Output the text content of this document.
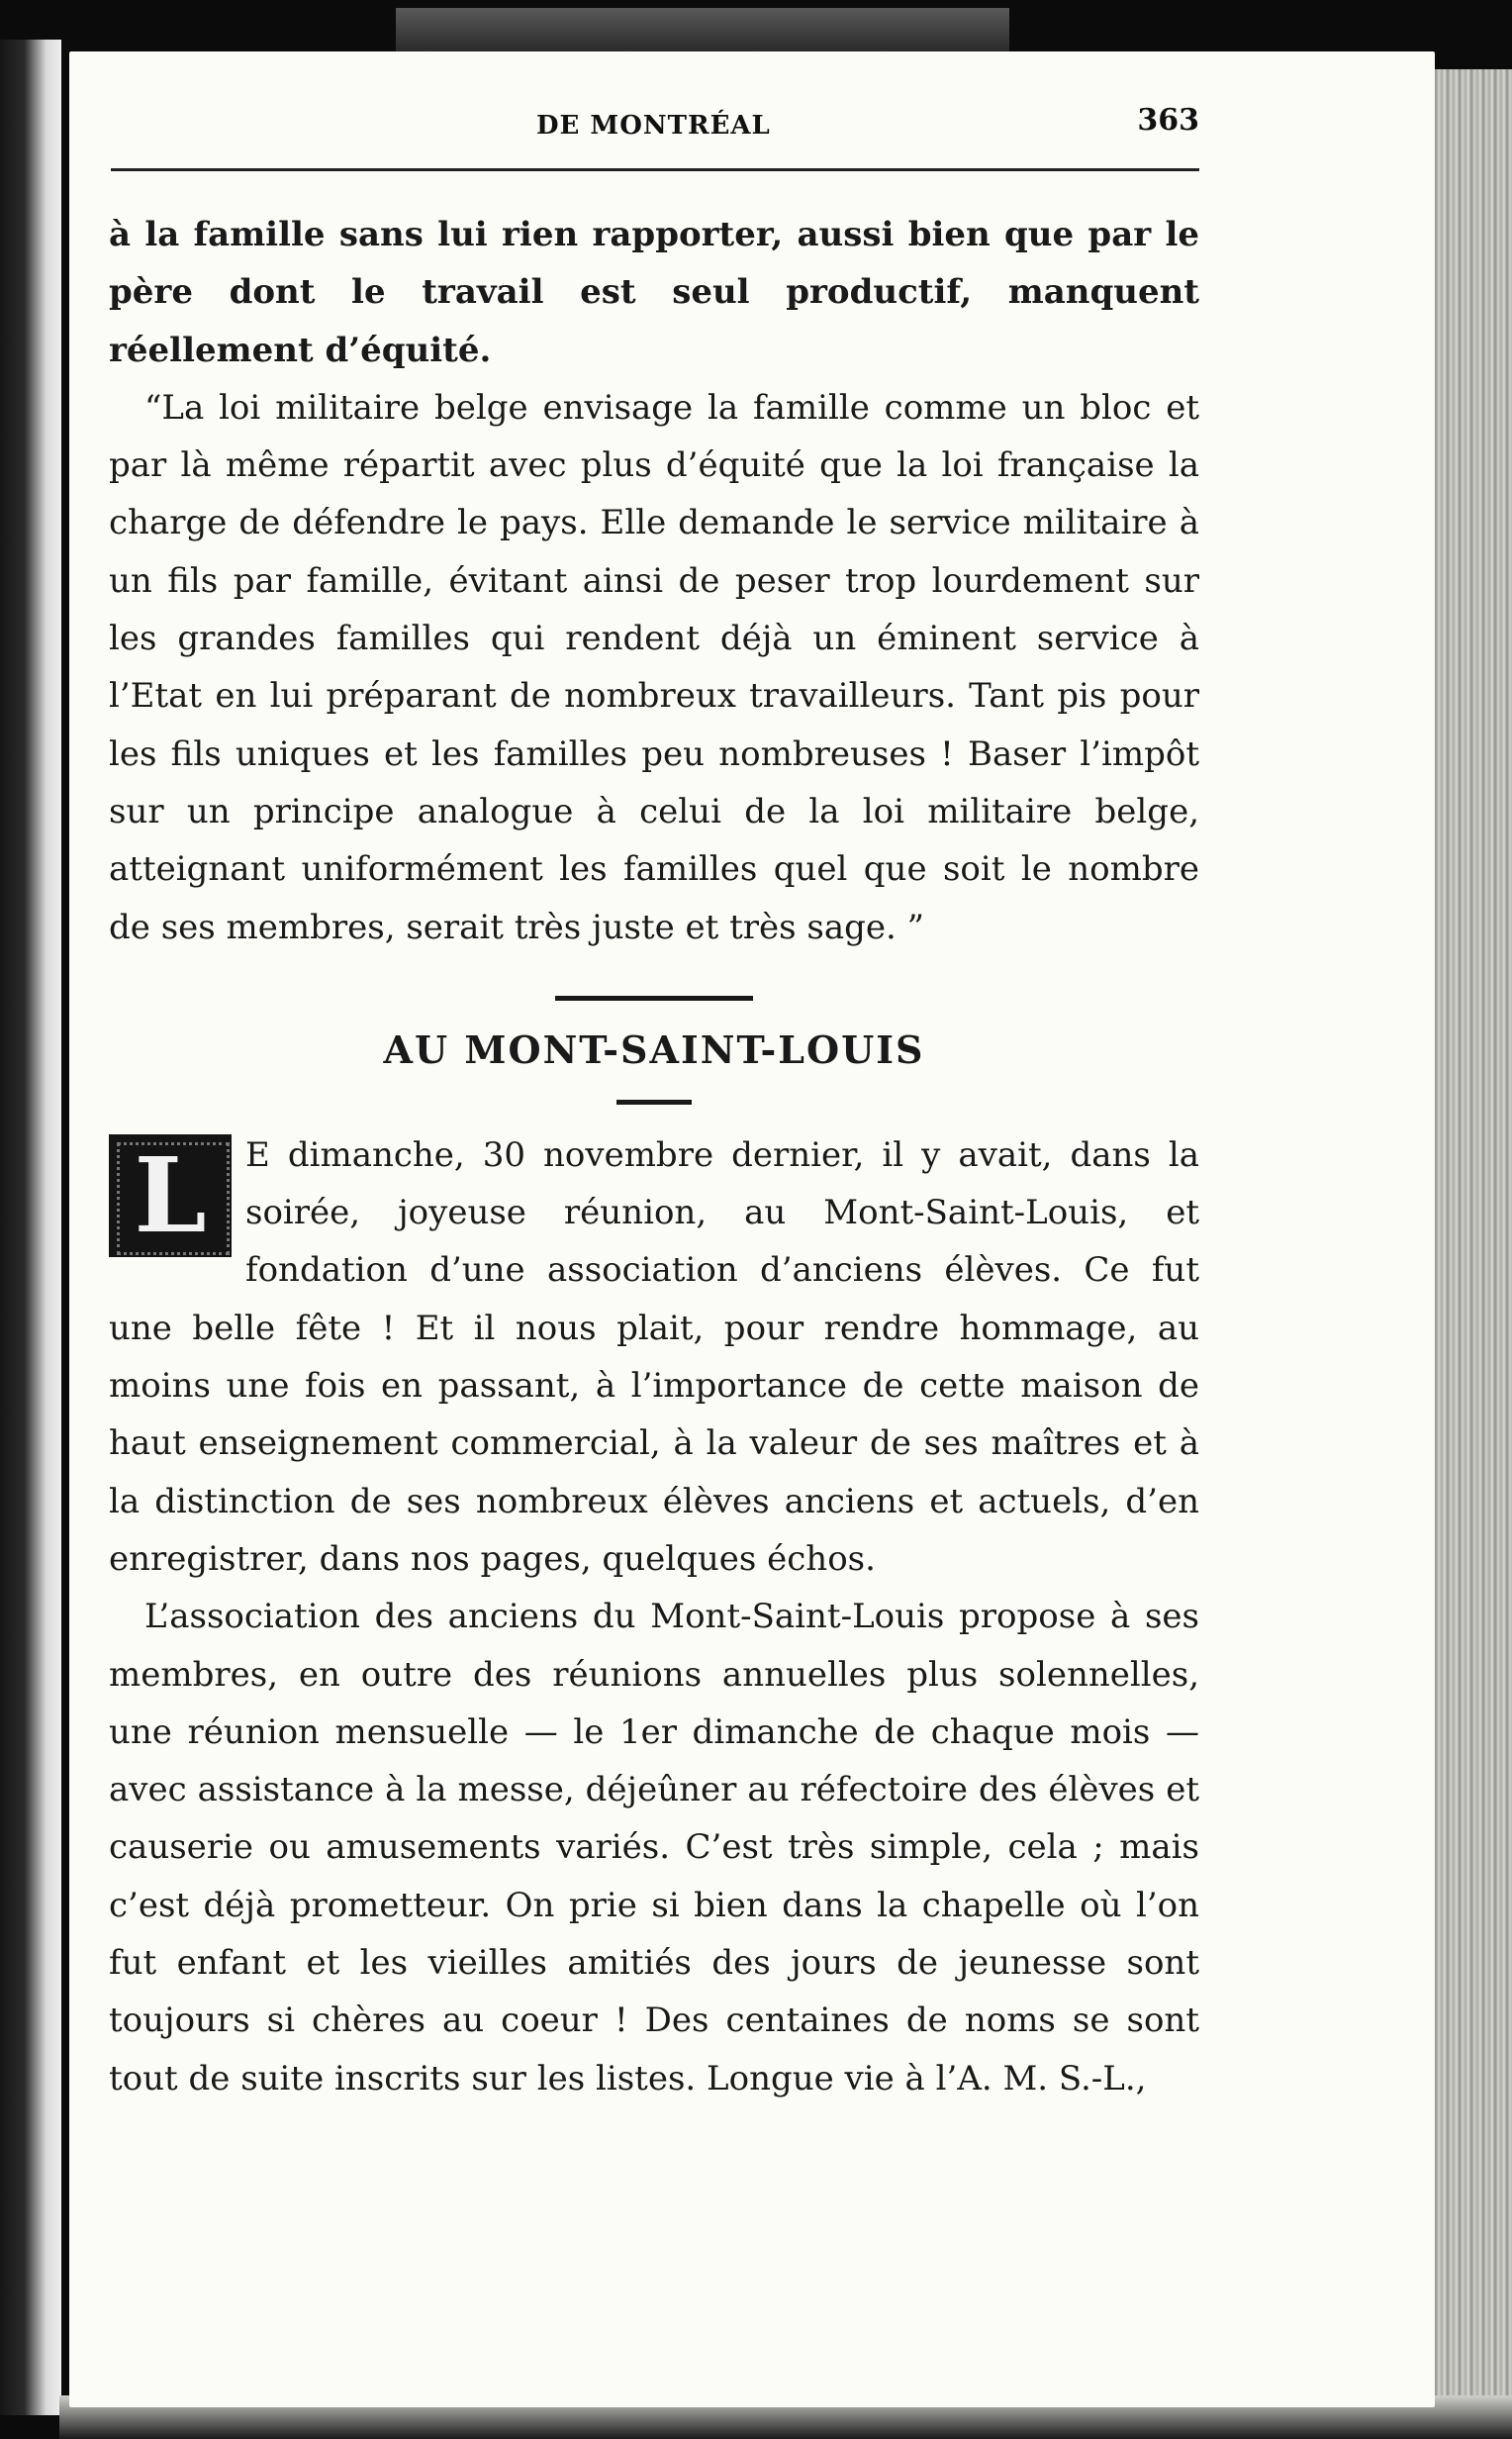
DE MONTRÉAL	363

à la famille sans lui rien rapporter, aussi bien que par le père dont le travail est seul productif, manquent réellement d’équité.

“La loi militaire belge envisage la famille comme un bloc et par là même répartit avec plus d’équité que la loi française la charge de défendre le pays. Elle demande le service militaire à un fils par famille, évitant ainsi de peser trop lourdement sur les grandes familles qui rendent déjà un éminent service à l’Etat en lui préparant de nombreux travailleurs. Tant pis pour les fils uniques et les familles peu nombreuses ! Baser l’impôt sur un principe analogue à celui de la loi militaire belge, atteignant uniformément les familles quel que soit le nombre de ses membres, serait très juste et très sage. ”

AU MONT-SAINT-LOUIS

L	E dimanche, 30 novembre dernier, il y avait, dans la soirée, joyeuse réunion, au Mont-Saint-Louis, et fondation d’une association d’anciens élèves. Ce fut une belle fête ! Et il nous plait, pour rendre hommage, au moins une fois en passant, à l’importance de cette maison de haut enseignement commercial, à la valeur de ses maîtres et à la distinction de ses nombreux élèves anciens et actuels, d’en enregistrer, dans nos pages, quelques échos.

L’association des anciens du Mont-Saint-Louis propose à ses membres, en outre des réunions annuelles plus solennelles, une réunion mensuelle — le 1er dimanche de chaque mois — avec assistance à la messe, déjeûner au réfectoire des élèves et causerie ou amusements variés. C’est très simple, cela ; mais c’est déjà prometteur. On prie si bien dans la chapelle où l’on fut enfant et les vieilles amitiés des jours de jeunesse sont toujours si chères au coeur ! Des centaines de noms se sont tout de suite inscrits sur les listes. Longue vie à l’A. M. S.-L.,
